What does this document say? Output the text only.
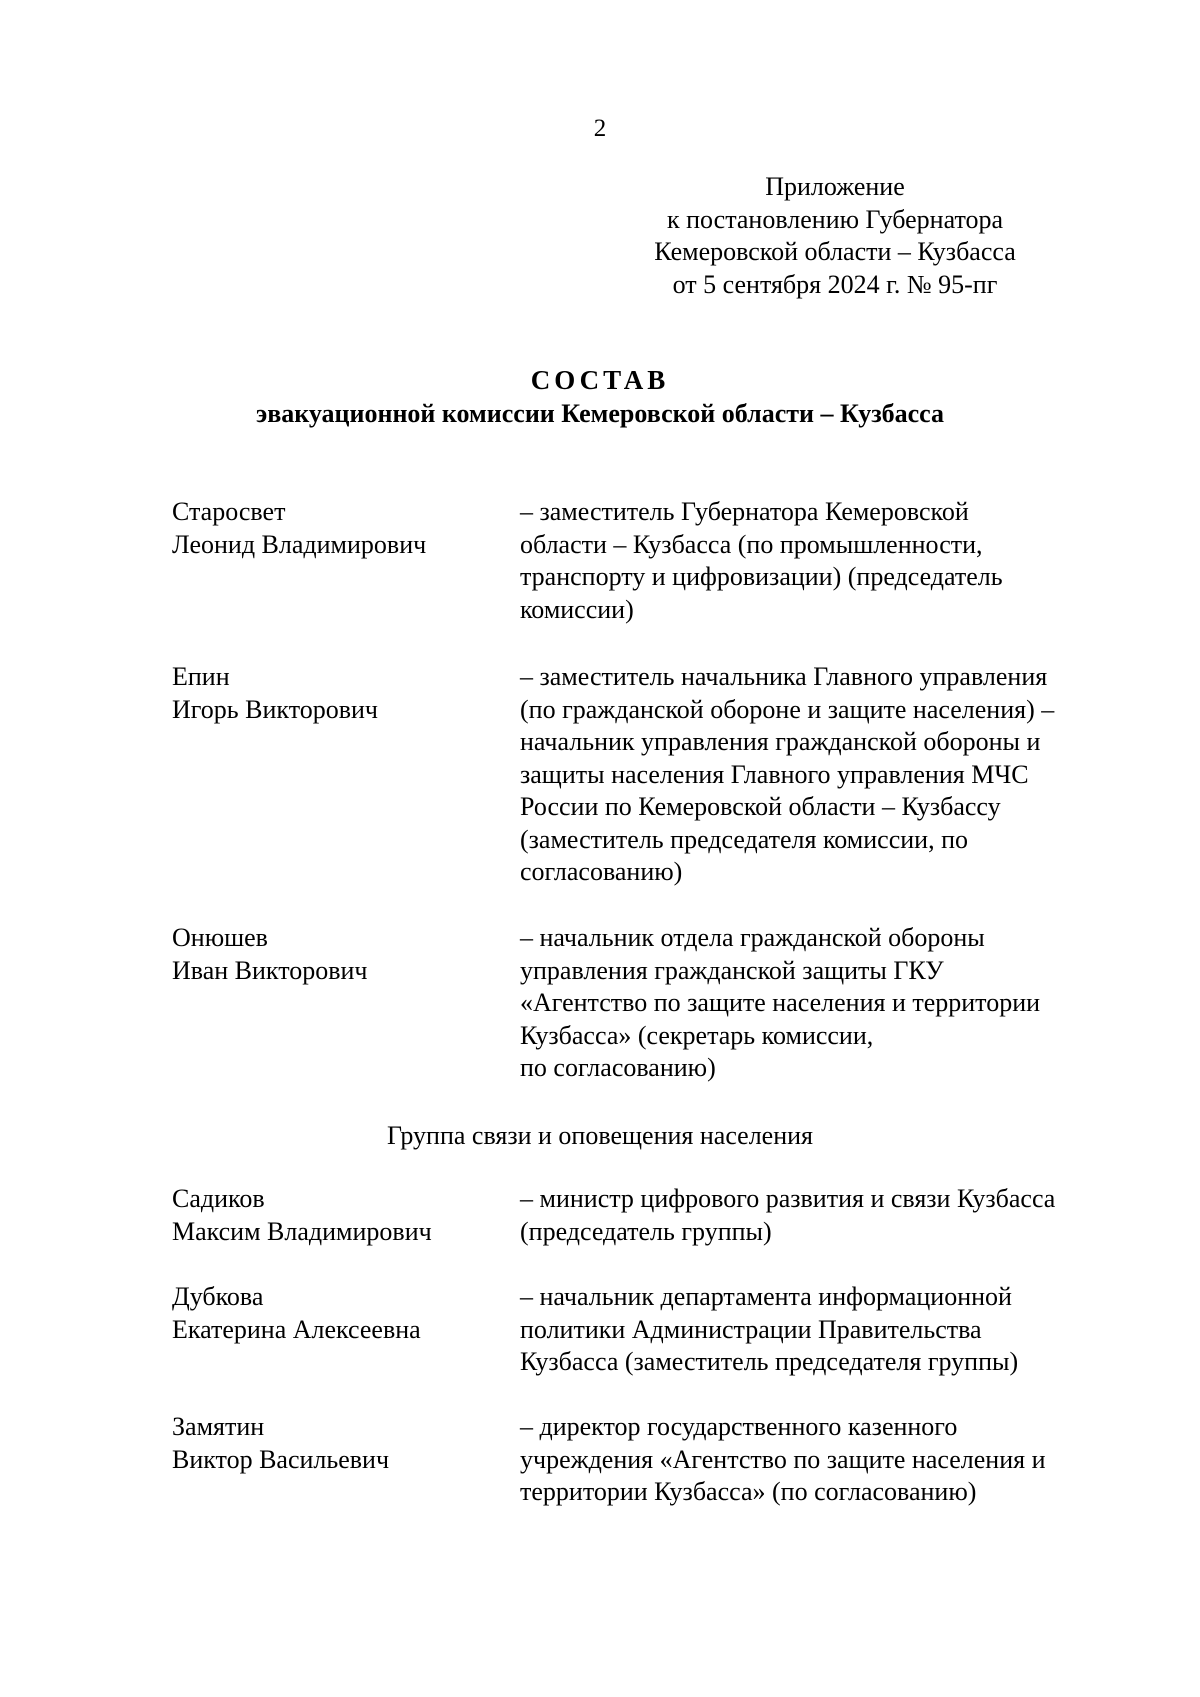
2
Приложение
к постановлению Губернатора
Кемеровской области – Кузбасса
от 5 сентября 2024 г. № 95-пг
СОСТАВ
эвакуационной комиссии Кемеровской области – Кузбасса
Старосвет
Леонид Владимирович
– заместитель Губернатора Кемеровской
области – Кузбасса (по промышленности,
транспорту и цифровизации) (председатель
комиссии)
Епин
Игорь Викторович
– заместитель начальника Главного управления
(по гражданской обороне и защите населения) –
начальник управления гражданской обороны и
защиты населения Главного управления МЧС
России по Кемеровской области – Кузбассу
(заместитель председателя комиссии, по
согласованию)
Онюшев
Иван Викторович
– начальник отдела гражданской обороны
управления гражданской защиты ГКУ
«Агентство по защите населения и территории
Кузбасса» (секретарь комиссии,
по согласованию)
Группа связи и оповещения населения
Садиков
Максим Владимирович
– министр цифрового развития и связи Кузбасса
(председатель группы)
Дубкова
Екатерина Алексеевна
– начальник департамента информационной
политики Администрации Правительства
Кузбасса (заместитель председателя группы)
Замятин
Виктор Васильевич
– директор государственного казенного
учреждения «Агентство по защите населения и
территории Кузбасса» (по согласованию)
